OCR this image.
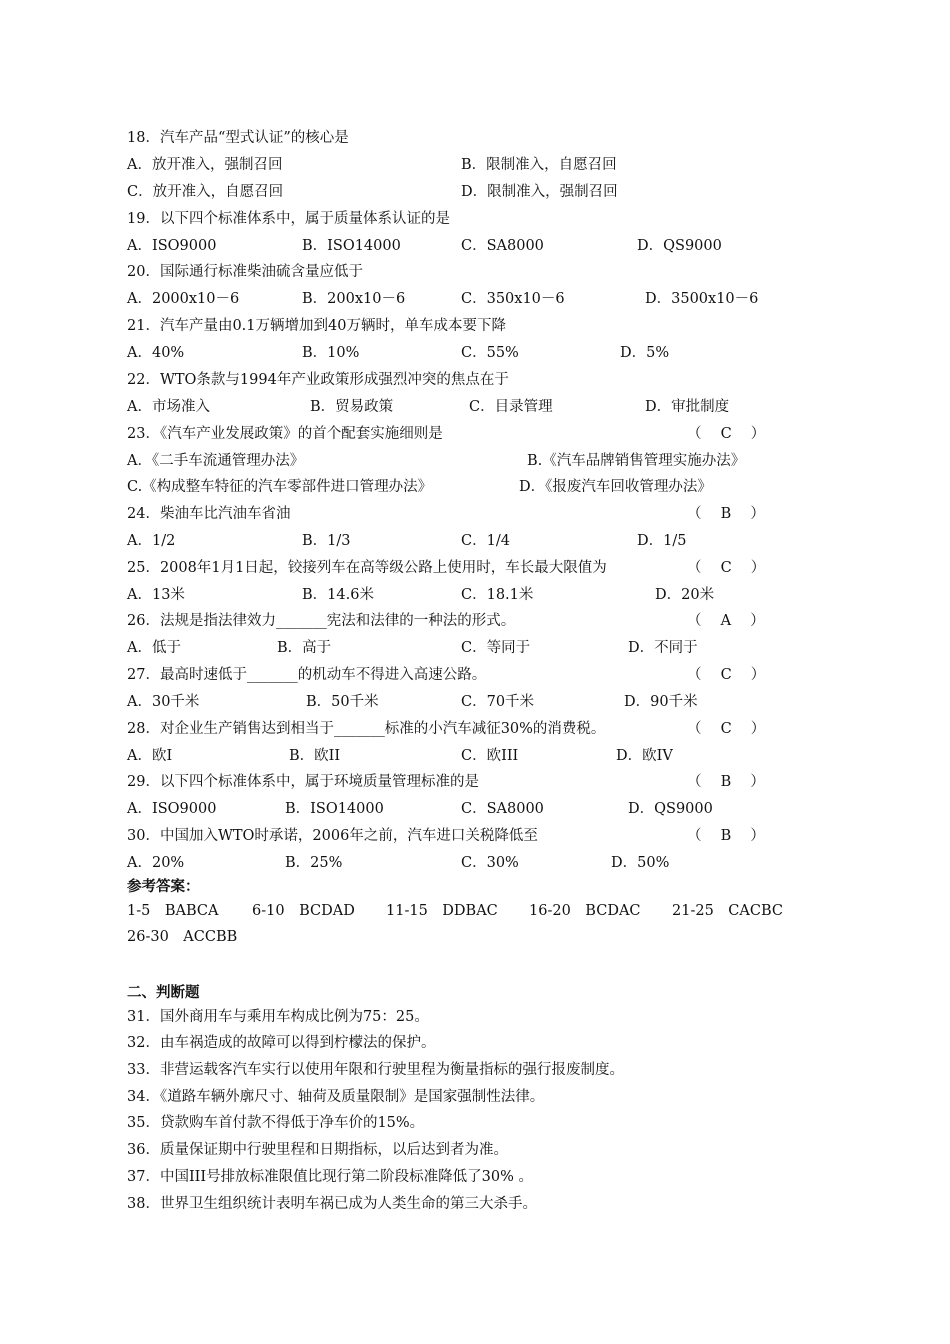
18．汽车产品“型式认证”的核心是
A．放开准入，强制召回	B．限制准入，自愿召回
C．放开准入，自愿召回	D．限制准入，强制召回
19．以下四个标准体系中，属于质量体系认证的是
A．ISO9000	B．ISO14000	C．SA8000	D．QS9000
20．国际通行标准柴油硫含量应低于
A．2000x10－6	B．200x10－6	C．350x10－6	D．3500x10－6
21．汽车产量由0.1万辆增加到40万辆时，单车成本要下降
A．40%	B．10%	C．55%	D．5%
22．WTO条款与1994年产业政策形成强烈冲突的焦点在于
A．市场准入	B．贸易政策	C．目录管理	D．审批制度
23．《汽车产业发展政策》的首个配套实施细则是	（　 C　 ）
A．《二手车流通管理办法》	B.《汽车品牌销售管理实施办法》
C.《构成整车特征的汽车零部件进口管理办法》	D．《报废汽车回收管理办法》
24．柴油车比汽油车省油	（　 B　 ）
A．1/2	B．1/3	C．1/4	D．1/5
25．2008年1月1日起，铰接列车在高等级公路上使用时，车长最大限值为	（　 C　 ）
A．13米	B．14.6米	C．18.1米	D．20米
26．法规是指法律效力_______宪法和法律的一种法的形式。	（　 A　 ）
A．低于	B．高于	C．等同于	D．不同于
27．最高时速低于_______的机动车不得进入高速公路。	（　 C　 ）
A．30千米	B．50千米	C．70千米	D．90千米
28．对企业生产销售达到相当于_______标准的小汽车减征30%的消费税。	（　 C　 ）
A．欧I	B．欧II	C．欧III	D．欧IV
29．以下四个标准体系中，属于环境质量管理标准的是	（　 B　 ）
A．ISO9000	B．ISO14000	C．SA8000	D．QS9000
30．中国加入WTO时承诺，2006年之前，汽车进口关税降低至	（　 B　 ）
A．20%	B．25%	C．30%	D．50%
参考答案：
1-5　BABCA 6-10　BCDAD 11-15　DDBAC 16-20　BCDAC 21-25　CACBC
26-30　ACCBB
二、判断题
31．国外商用车与乘用车构成比例为75：25。
32．由车祸造成的故障可以得到柠檬法的保护。
33．非营运载客汽车实行以使用年限和行驶里程为衡量指标的强行报废制度。
34．《道路车辆外廓尺寸、轴荷及质量限制》是国家强制性法律。
35．贷款购车首付款不得低于净车价的15%。
36．质量保证期中行驶里程和日期指标，以后达到者为准。
37．中国III号排放标准限值比现行第二阶段标准降低了30% 。
38．世界卫生组织统计表明车祸已成为人类生命的第三大杀手。
